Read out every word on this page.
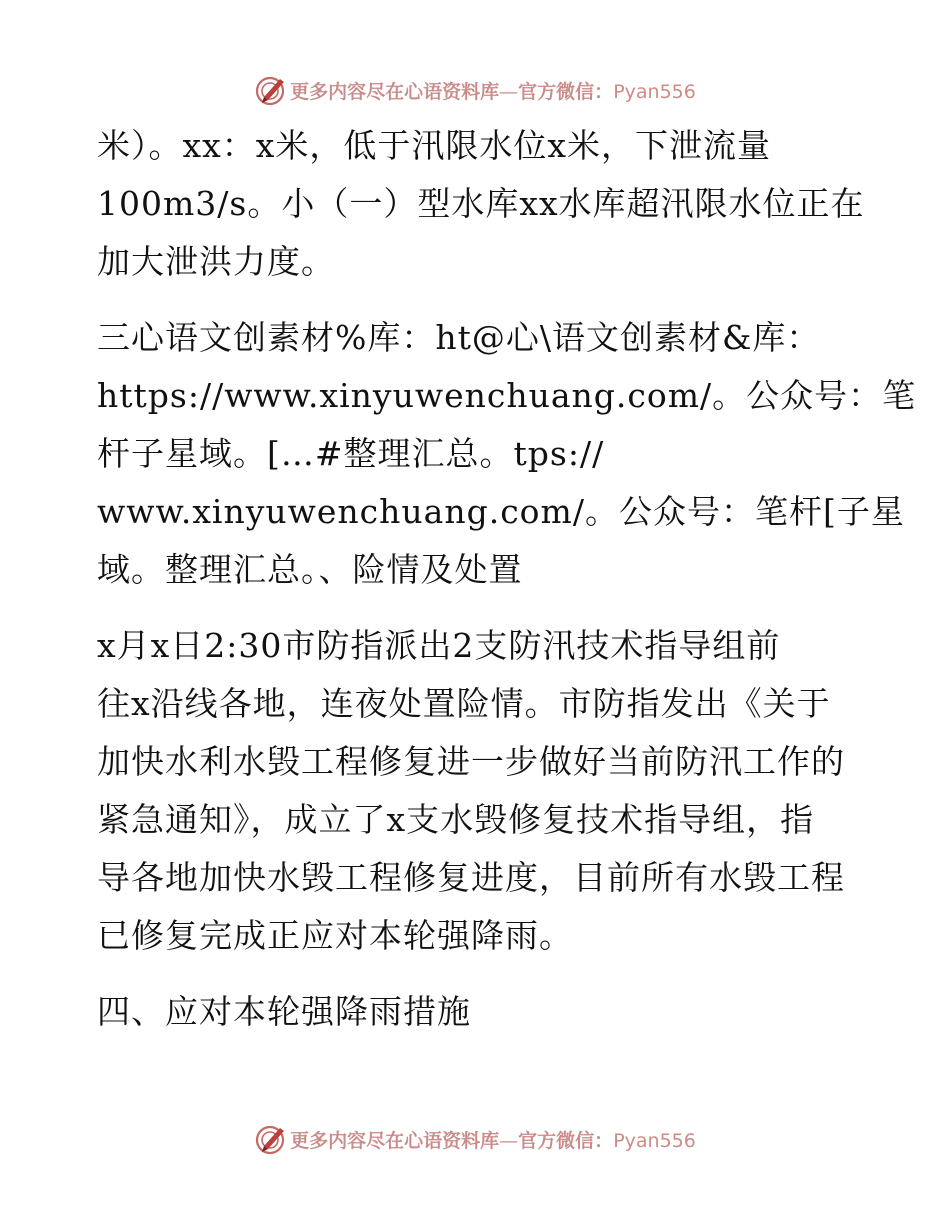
更多内容尽在心语资料库—官方微信：Pyan556
米）。xx：x米，低于汛限水位x米，下泄流量
100m3/s。小（一）型水库xx水库超汛限水位正在
加大泄洪力度。
三心语文创素材%库：ht@心\语文创素材&库：
https://www.xinyuwenchuang.com/。公众号：笔
杆子星域。[…#整理汇总。tps://
www.xinyuwenchuang.com/。公众号：笔杆[子星
域。整理汇总。、险情及处置
x月x日2:30市防指派出2支防汛技术指导组前
往x沿线各地，连夜处置险情。市防指发出《关于
加快水利水毁工程修复进一步做好当前防汛工作的
紧急通知》，成立了x支水毁修复技术指导组，指
导各地加快水毁工程修复进度，目前所有水毁工程
已修复完成正应对本轮强降雨。
四、应对本轮强降雨措施
更多内容尽在心语资料库—官方微信：Pyan556
